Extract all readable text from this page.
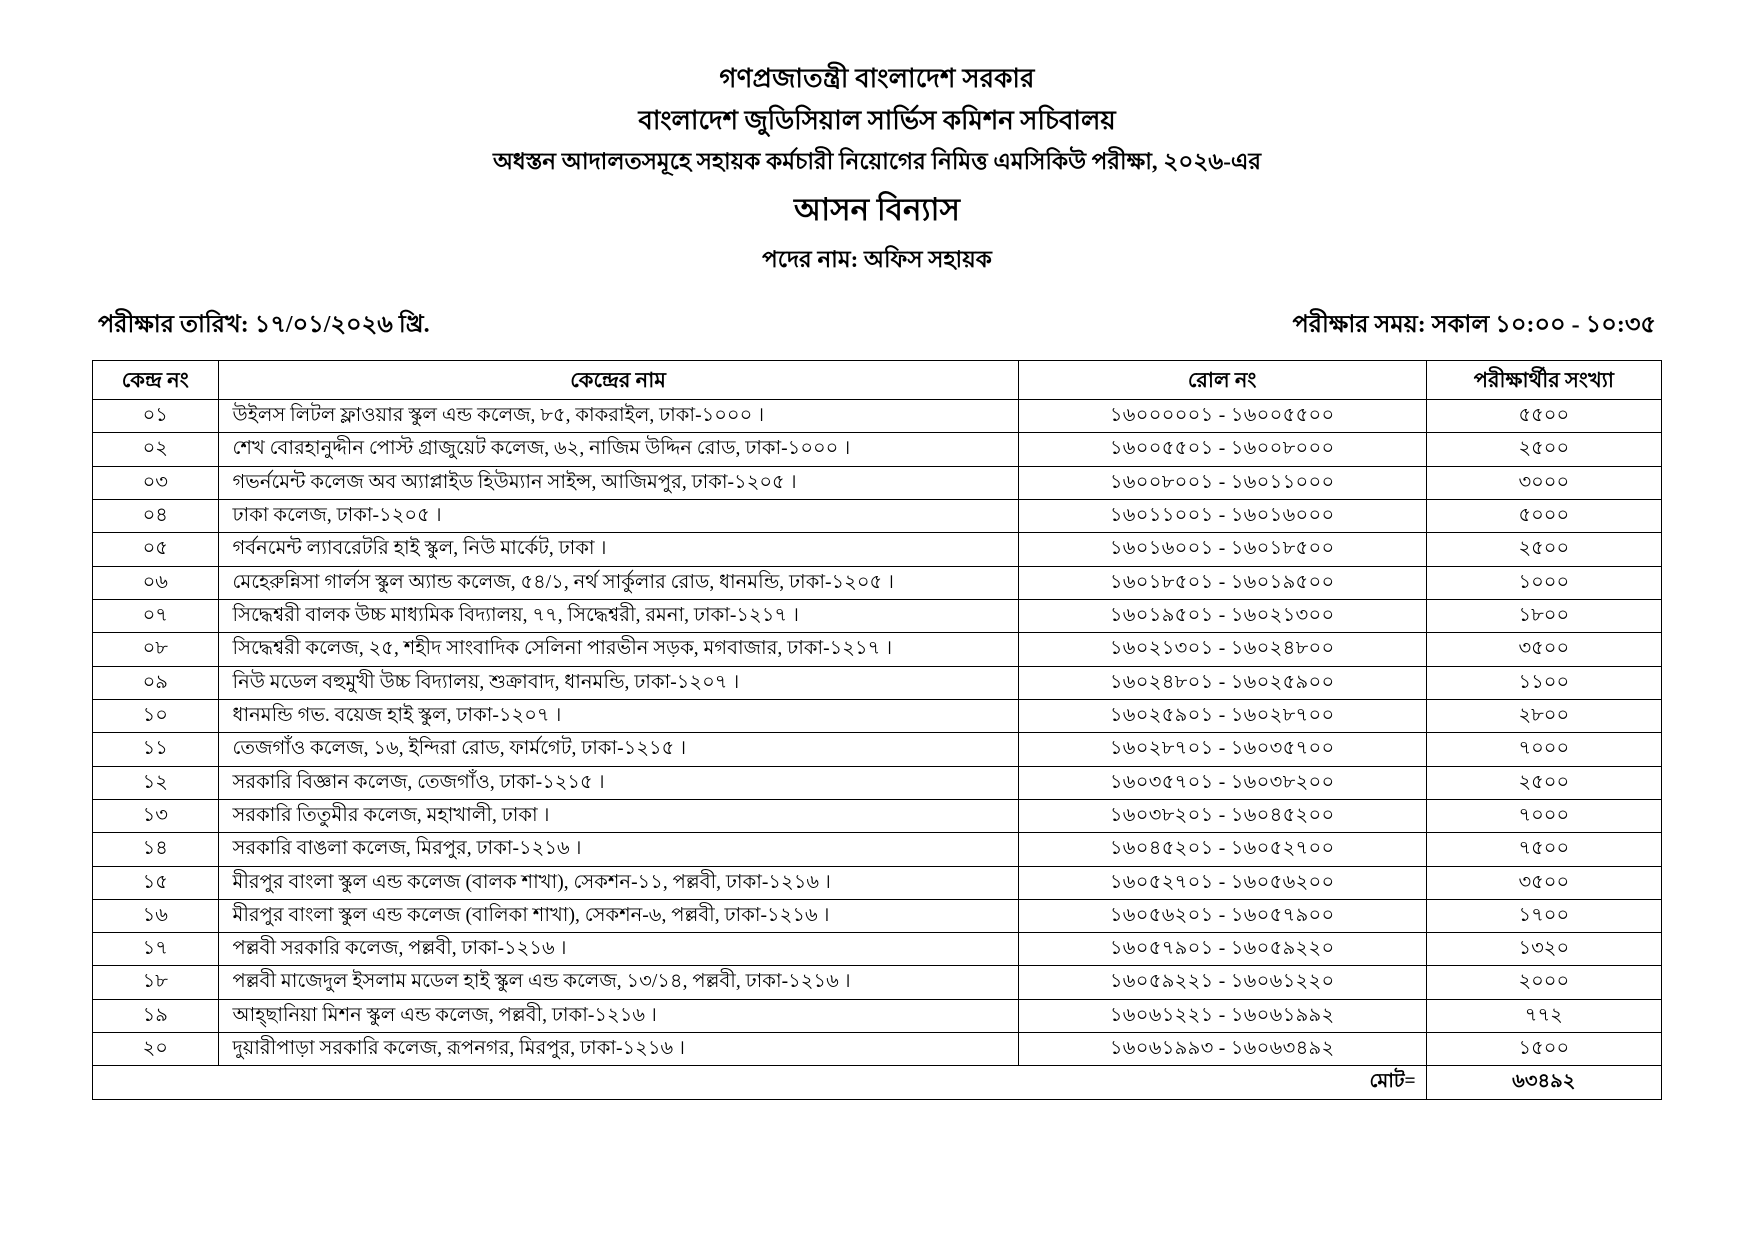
গণপ্রজাতন্ত্রী বাংলাদেশ সরকার
বাংলাদেশ জুডিসিয়াল সার্ভিস কমিশন সচিবালয়
অধস্তন আদালতসমূহে সহায়ক কর্মচারী নিয়োগের নিমিত্ত এমসিকিউ পরীক্ষা, ২০২৬-এর
আসন বিন্যাস
পদের নাম: অফিস সহায়ক
পরীক্ষার তারিখ: ১৭/০১/২০২৬ খ্রি.	পরীক্ষার সময়: সকাল ১০:০০ - ১০:৩৫
কেন্দ্র নং	কেন্দ্রের নাম	রোল নং	পরীক্ষার্থীর সংখ্যা
০১	উইলস লিটল ফ্লাওয়ার স্কুল এন্ড কলেজ, ৮৫, কাকরাইল, ঢাকা-১০০০ ।	১৬০০০০০১ - ১৬০০৫৫০০	৫৫০০
০২	শেখ বোরহানুদ্দীন পোস্ট গ্রাজুয়েট কলেজ, ৬২, নাজিম উদ্দিন রোড, ঢাকা-১০০০ ।	১৬০০৫৫০১ - ১৬০০৮০০০	২৫০০
০৩	গভর্নমেন্ট কলেজ অব অ্যাপ্লাইড হিউম্যান সাইন্স, আজিমপুর, ঢাকা-১২০৫ ।	১৬০০৮০০১ - ১৬০১১০০০	৩০০০
০৪	ঢাকা কলেজ, ঢাকা-১২০৫ ।	১৬০১১০০১ - ১৬০১৬০০০	৫০০০
০৫	গর্বনমেন্ট ল্যাবরেটরি হাই স্কুল, নিউ মার্কেট, ঢাকা ।	১৬০১৬০০১ - ১৬০১৮৫০০	২৫০০
০৬	মেহেরুন্নিসা গার্লস স্কুল অ্যান্ড কলেজ, ৫৪/১, নর্থ সার্কুলার রোড, ধানমন্ডি, ঢাকা-১২০৫ ।	১৬০১৮৫০১ - ১৬০১৯৫০০	১০০০
০৭	সিদ্ধেশ্বরী বালক উচ্চ মাধ্যমিক বিদ্যালয়, ৭৭, সিদ্ধেশ্বরী, রমনা, ঢাকা-১২১৭ ।	১৬০১৯৫০১ - ১৬০২১৩০০	১৮০০
০৮	সিদ্ধেশ্বরী কলেজ, ২৫, শহীদ সাংবাদিক সেলিনা পারভীন সড়ক, মগবাজার, ঢাকা-১২১৭ ।	১৬০২১৩০১ - ১৬০২৪৮০০	৩৫০০
০৯	নিউ মডেল বহুমুখী উচ্চ বিদ্যালয়, শুক্রাবাদ, ধানমন্ডি, ঢাকা-১২০৭ ।	১৬০২৪৮০১ - ১৬০২৫৯০০	১১০০
১০	ধানমন্ডি গভ. বয়েজ হাই স্কুল, ঢাকা-১২০৭ ।	১৬০২৫৯০১ - ১৬০২৮৭০০	২৮০০
১১	তেজগাঁও কলেজ, ১৬, ইন্দিরা রোড, ফার্মগেট, ঢাকা-১২১৫ ।	১৬০২৮৭০১ - ১৬০৩৫৭০০	৭০০০
১২	সরকারি বিজ্ঞান কলেজ, তেজগাঁও, ঢাকা-১২১৫ ।	১৬০৩৫৭০১ - ১৬০৩৮২০০	২৫০০
১৩	সরকারি তিতুমীর কলেজ, মহাখালী, ঢাকা ।	১৬০৩৮২০১ - ১৬০৪৫২০০	৭০০০
১৪	সরকারি বাঙলা কলেজ, মিরপুর, ঢাকা-১২১৬ ।	১৬০৪৫২০১ - ১৬০৫২৭০০	৭৫০০
১৫	মীরপুর বাংলা স্কুল এন্ড কলেজ (বালক শাখা), সেকশন-১১, পল্লবী, ঢাকা-১২১৬ ।	১৬০৫২৭০১ - ১৬০৫৬২০০	৩৫০০
১৬	মীরপুর বাংলা স্কুল এন্ড কলেজ (বালিকা শাখা), সেকশন-৬, পল্লবী, ঢাকা-১২১৬ ।	১৬০৫৬২০১ - ১৬০৫৭৯০০	১৭০০
১৭	পল্লবী সরকারি কলেজ, পল্লবী, ঢাকা-১২১৬ ।	১৬০৫৭৯০১ - ১৬০৫৯২২০	১৩২০
১৮	পল্লবী মাজেদুল ইসলাম মডেল হাই স্কুল এন্ড কলেজ, ১৩/১৪, পল্লবী, ঢাকা-১২১৬ ।	১৬০৫৯২২১ - ১৬০৬১২২০	২০০০
১৯	আহ্ছানিয়া মিশন স্কুল এন্ড কলেজ, পল্লবী, ঢাকা-১২১৬ ।	১৬০৬১২২১ - ১৬০৬১৯৯২	৭৭২
২০	দুয়ারীপাড়া সরকারি কলেজ, রূপনগর, মিরপুর, ঢাকা-১২১৬ ।	১৬০৬১৯৯৩ - ১৬০৬৩৪৯২	১৫০০
মোট=			৬৩৪৯২
